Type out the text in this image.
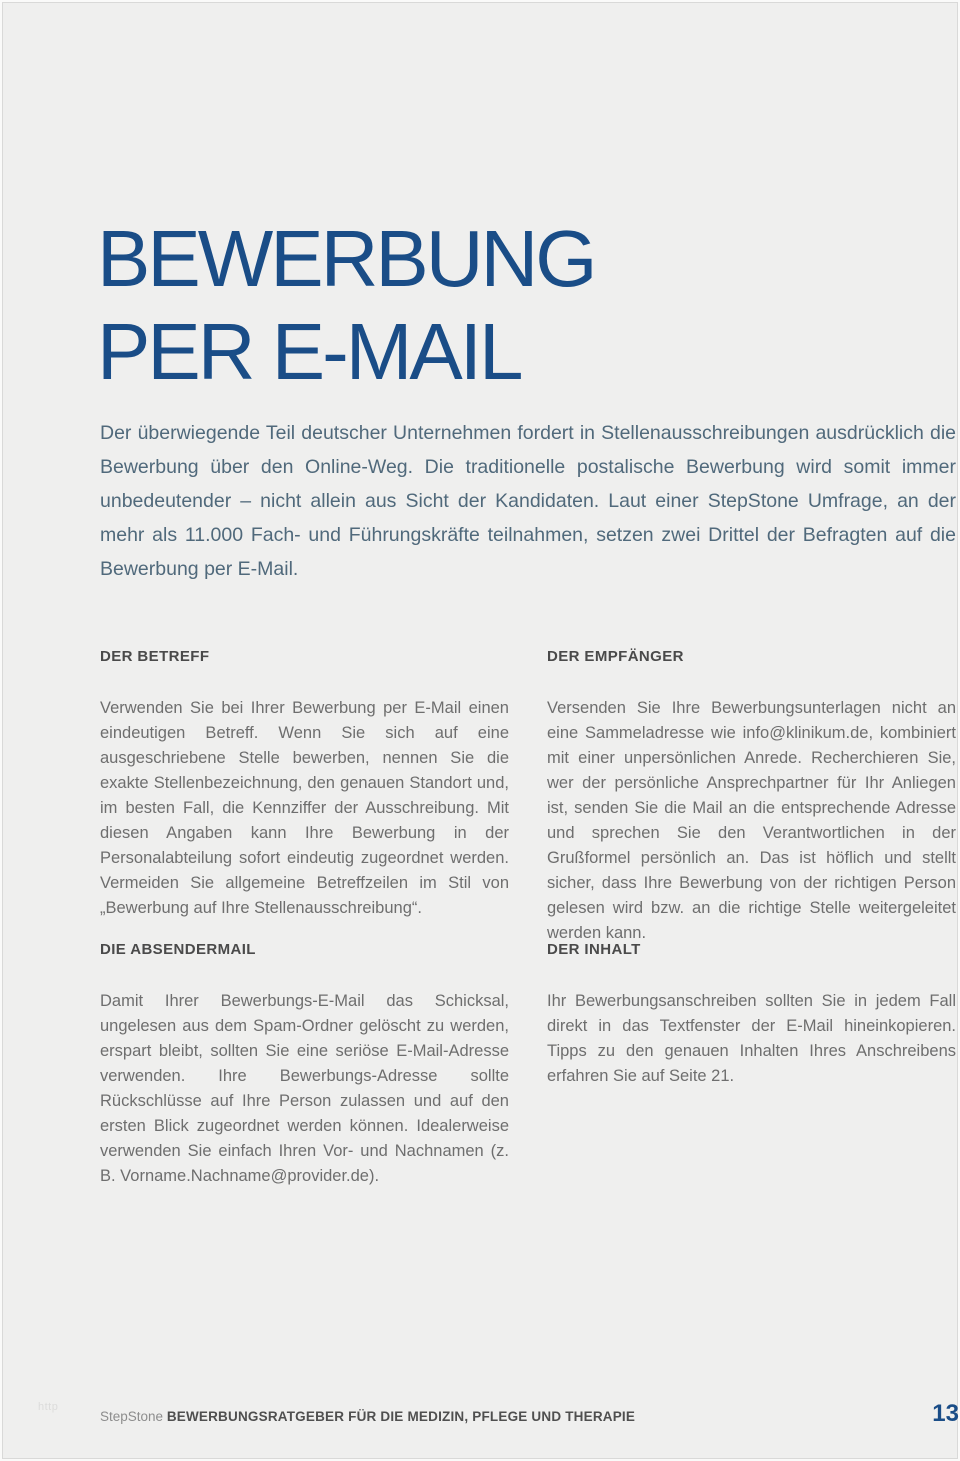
BEWERBUNG
PER E-MAIL

Der überwiegende Teil deutscher Unternehmen fordert in Stellenausschreibungen ausdrücklich die Bewerbung über den Online-Weg. Die traditionelle postalische Bewerbung wird somit immer unbedeutender – nicht allein aus Sicht der Kandidaten. Laut einer StepStone Umfrage, an der mehr als 11.000 Fach- und Führungskräfte teilnahmen, setzen zwei Drittel der Befragten auf die Bewerbung per E-Mail.

DER BETREFF	DER EMPFÄNGER
Verwenden Sie bei Ihrer Bewerbung per E-Mail einen eindeutigen Betreff. Wenn Sie sich auf eine ausgeschriebene Stelle bewerben, nennen Sie die exakte Stellenbezeichnung, den genauen Standort und, im besten Fall, die Kennziffer der Ausschreibung. Mit diesen Angaben kann Ihre Bewerbung in der Personalabteilung sofort eindeutig zugeordnet werden. Vermeiden Sie allgemeine Betreffzeilen im Stil von „Bewerbung auf Ihre Stellenausschreibung“.
Versenden Sie Ihre Bewerbungsunterlagen nicht an eine Sammeladresse wie info@klinikum.de, kombiniert mit einer unpersönlichen Anrede. Recherchieren Sie, wer der persönliche Ansprechpartner für Ihr Anliegen ist, senden Sie die Mail an die entsprechende Adresse und sprechen Sie den Verantwortlichen in der Grußformel persönlich an. Das ist höflich und stellt sicher, dass Ihre Bewerbung von der richtigen Person gelesen wird bzw. an die richtige Stelle weitergeleitet werden kann.
DIE ABSENDERMAIL	DER INHALT
Damit Ihrer Bewerbungs-E-Mail das Schicksal, ungelesen aus dem Spam-Ordner gelöscht zu werden, erspart bleibt, sollten Sie eine seriöse E-Mail-Adresse verwenden. Ihre Bewerbungs-Adresse sollte Rückschlüsse auf Ihre Person zulassen und auf den ersten Blick zugeordnet werden können. Idealerweise verwenden Sie einfach Ihren Vor- und Nachnamen (z. B. Vorname.Nachname@provider.de).
Ihr Bewerbungsanschreiben sollten Sie in jedem Fall direkt in das Textfenster der E-Mail hineinkopieren. Tipps zu den genauen Inhalten Ihres Anschreibens erfahren Sie auf Seite 21.
http
StepStone BEWERBUNGSRATGEBER FÜR DIE MEDIZIN, PFLEGE UND THERAPIE	13
